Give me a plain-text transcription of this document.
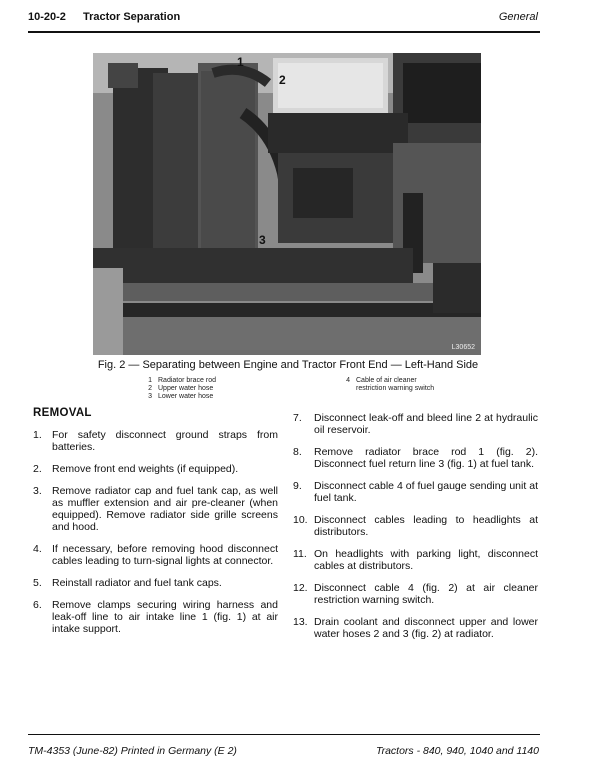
10-20-2 Tractor Separation	General
1
2
3
L30652
Fig. 2 — Separating between Engine and Tractor Front End — Left-Hand Side
1 Radiator brace rod
2 Upper water hose
3 Lower water hose
4 Cable of air cleaner restriction warning switch
REMOVAL
1. For safety disconnect ground straps from batteries.
2. Remove front end weights (if equipped).
3. Remove radiator cap and fuel tank cap, as well as muffler extension and air pre-cleaner (when equipped). Remove radiator side grille screens and hood.
4. If necessary, before removing hood disconnect cables leading to turn-signal lights at connector.
5. Reinstall radiator and fuel tank caps.
6. Remove clamps securing wiring harness and leak-off line to air intake line 1 (fig. 1) at air intake support.
7.	Disconnect leak-off and bleed line 2 at hydraulic oil reservoir.
8.	Remove radiator brace rod 1 (fig. 2). Disconnect fuel return line 3 (fig. 1) at fuel tank.
9.	Disconnect cable 4 of fuel gauge sending unit at fuel tank.
10. Disconnect cables leading to headlights at distributors.
11. On headlights with parking light, disconnect cables at distributors.
12. Disconnect cable 4 (fig. 2) at air cleaner restriction warning switch.
13. Drain coolant and disconnect upper and lower water hoses 2 and 3 (fig. 2) at radiator.
TM-4353 (June-82) Printed in Germany (E 2)	Tractors - 840, 940, 1040 and 1140
